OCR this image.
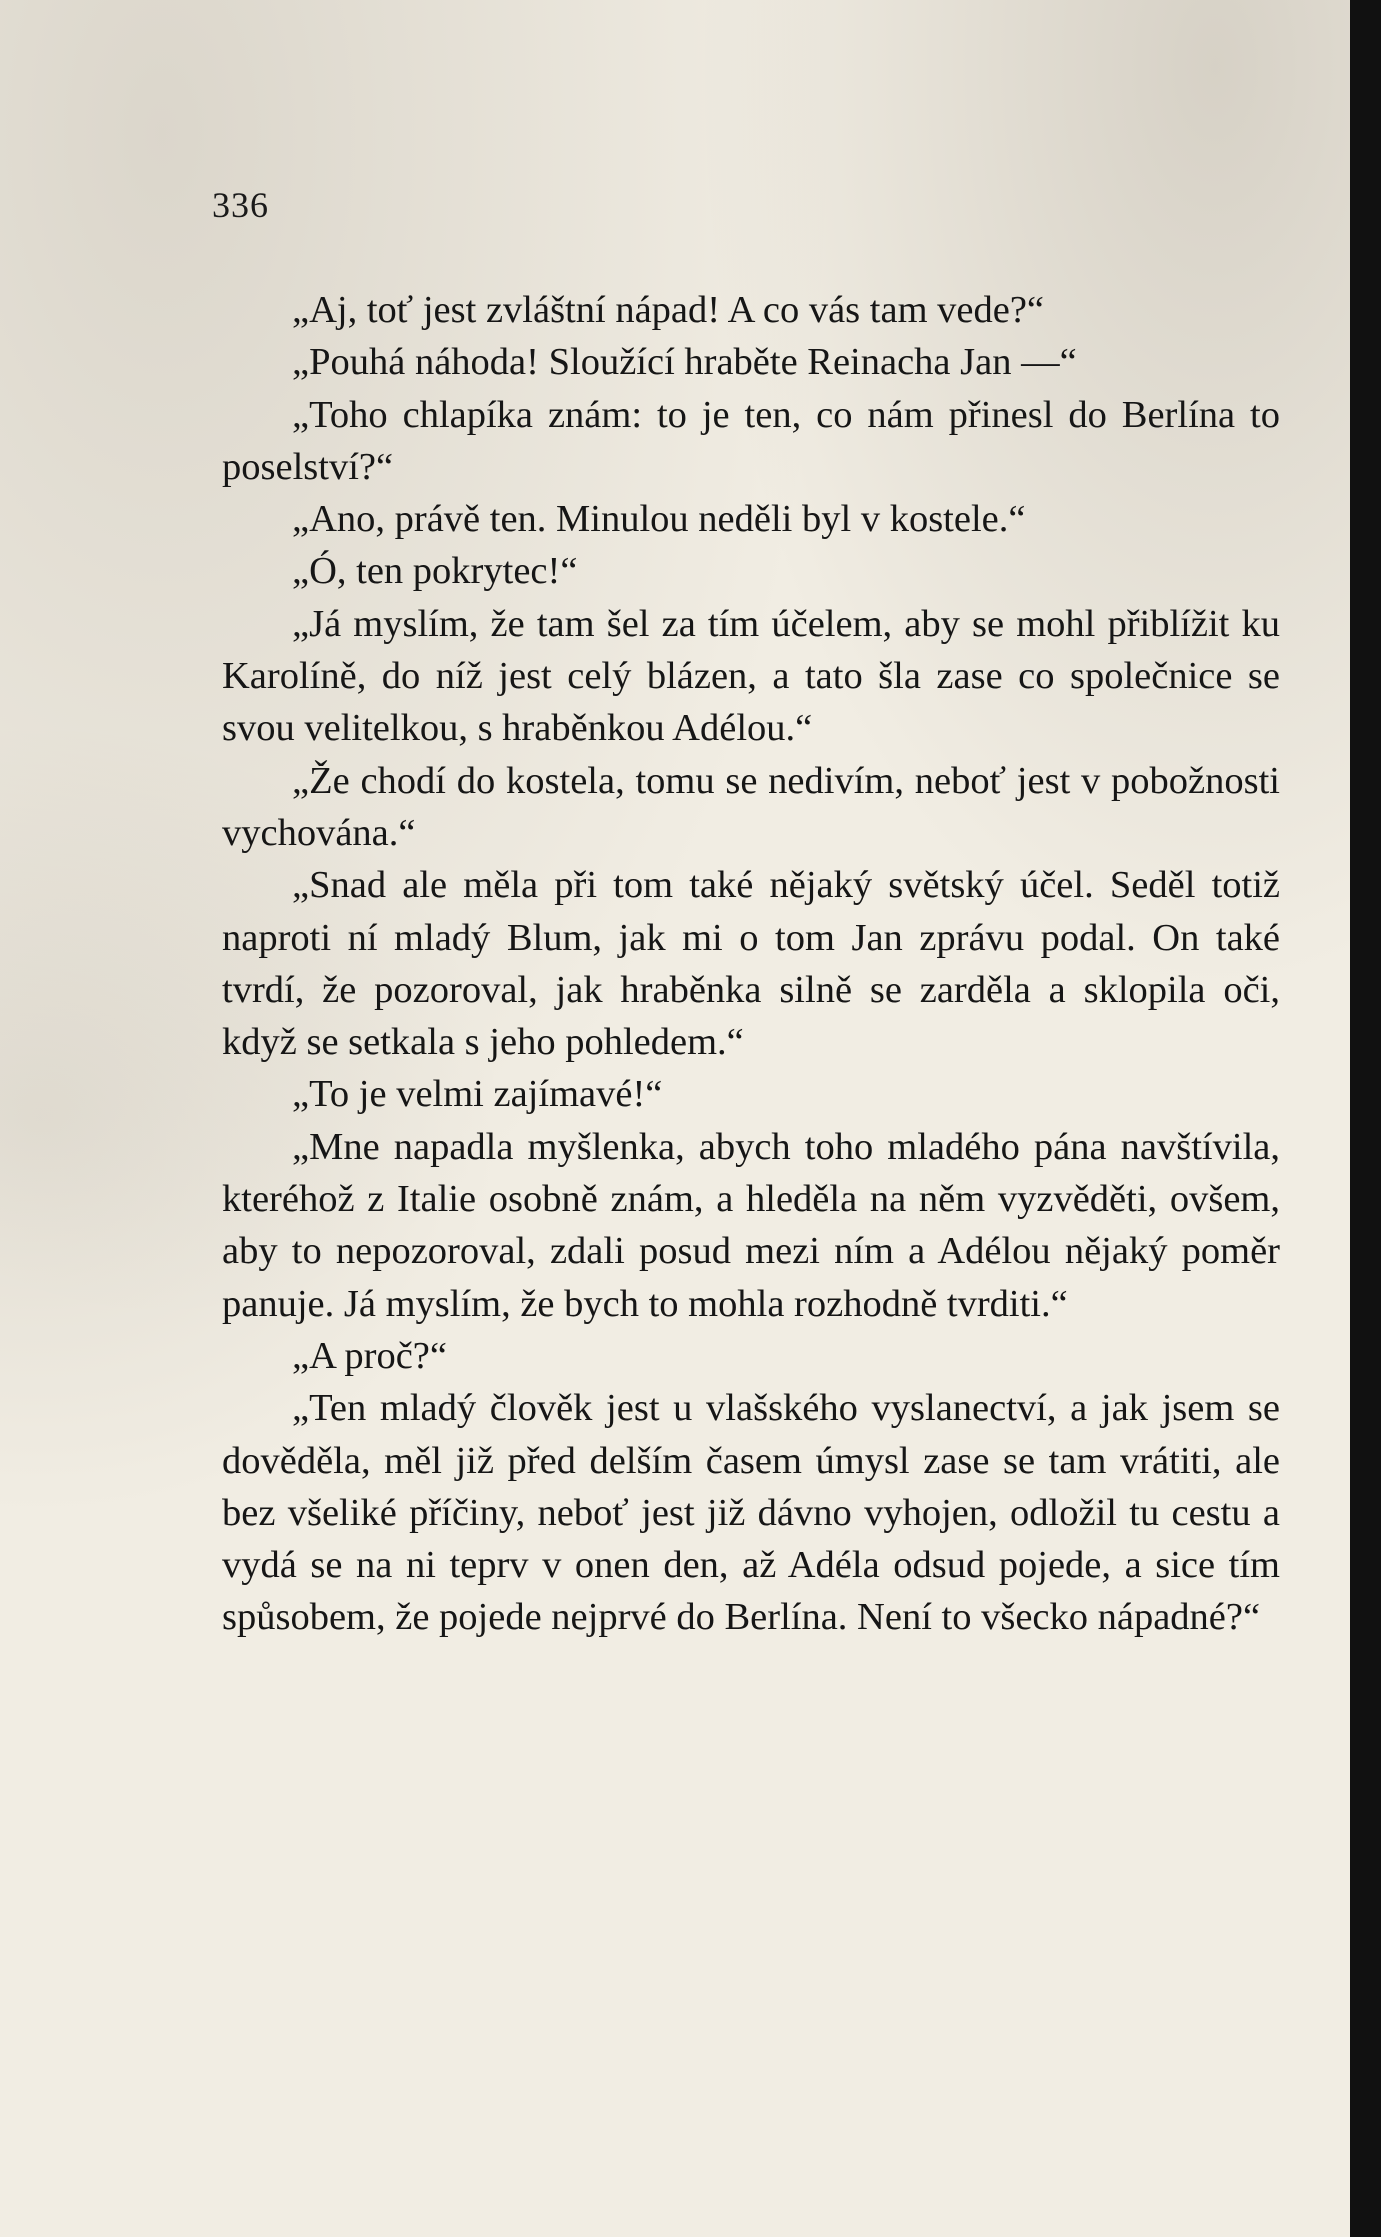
336

„Aj, toť jest zvláštní nápad! A co vás tam vede?“

„Pouhá náhoda! Sloužící hraběte Reinacha Jan —“

„Toho chlapíka znám: to je ten, co nám přinesl do Berlína to poselství?“

„Ano, právě ten. Minulou neděli byl v kostele.“

„Ó, ten pokrytec!“

„Já myslím, že tam šel za tím účelem, aby se mohl přiblížit ku Karolíně, do níž jest celý blázen, a tato šla zase co společnice se svou velitelkou, s hraběnkou Adélou.“

„Že chodí do kostela, tomu se nedivím, neboť jest v pobožnosti vychována.“

„Snad ale měla při tom také nějaký světský účel. Seděl totiž naproti ní mladý Blum, jak mi o tom Jan zprávu podal. On také tvrdí, že pozoroval, jak hraběnka silně se zarděla a sklopila oči, když se setkala s jeho pohledem.“

„To je velmi zajímavé!“

„Mne napadla myšlenka, abych toho mladého pána navštívila, kteréhož z Italie osobně znám, a hleděla na něm vyzvěděti, ovšem, aby to nepozoroval, zdali posud mezi ním a Adélou nějaký poměr panuje. Já myslím, že bych to mohla rozhodně tvrditi.“

„A proč?“

„Ten mladý člověk jest u vlašského vyslanectví, a jak jsem se dověděla, měl již před delším časem úmysl zase se tam vrátiti, ale bez všeliké příčiny, neboť jest již dávno vyhojen, odložil tu cestu a vydá se na ni teprv v onen den, až Adéla odsud pojede, a sice tím spůsobem, že pojede nejprvé do Berlína. Není to všecko nápadné?“
